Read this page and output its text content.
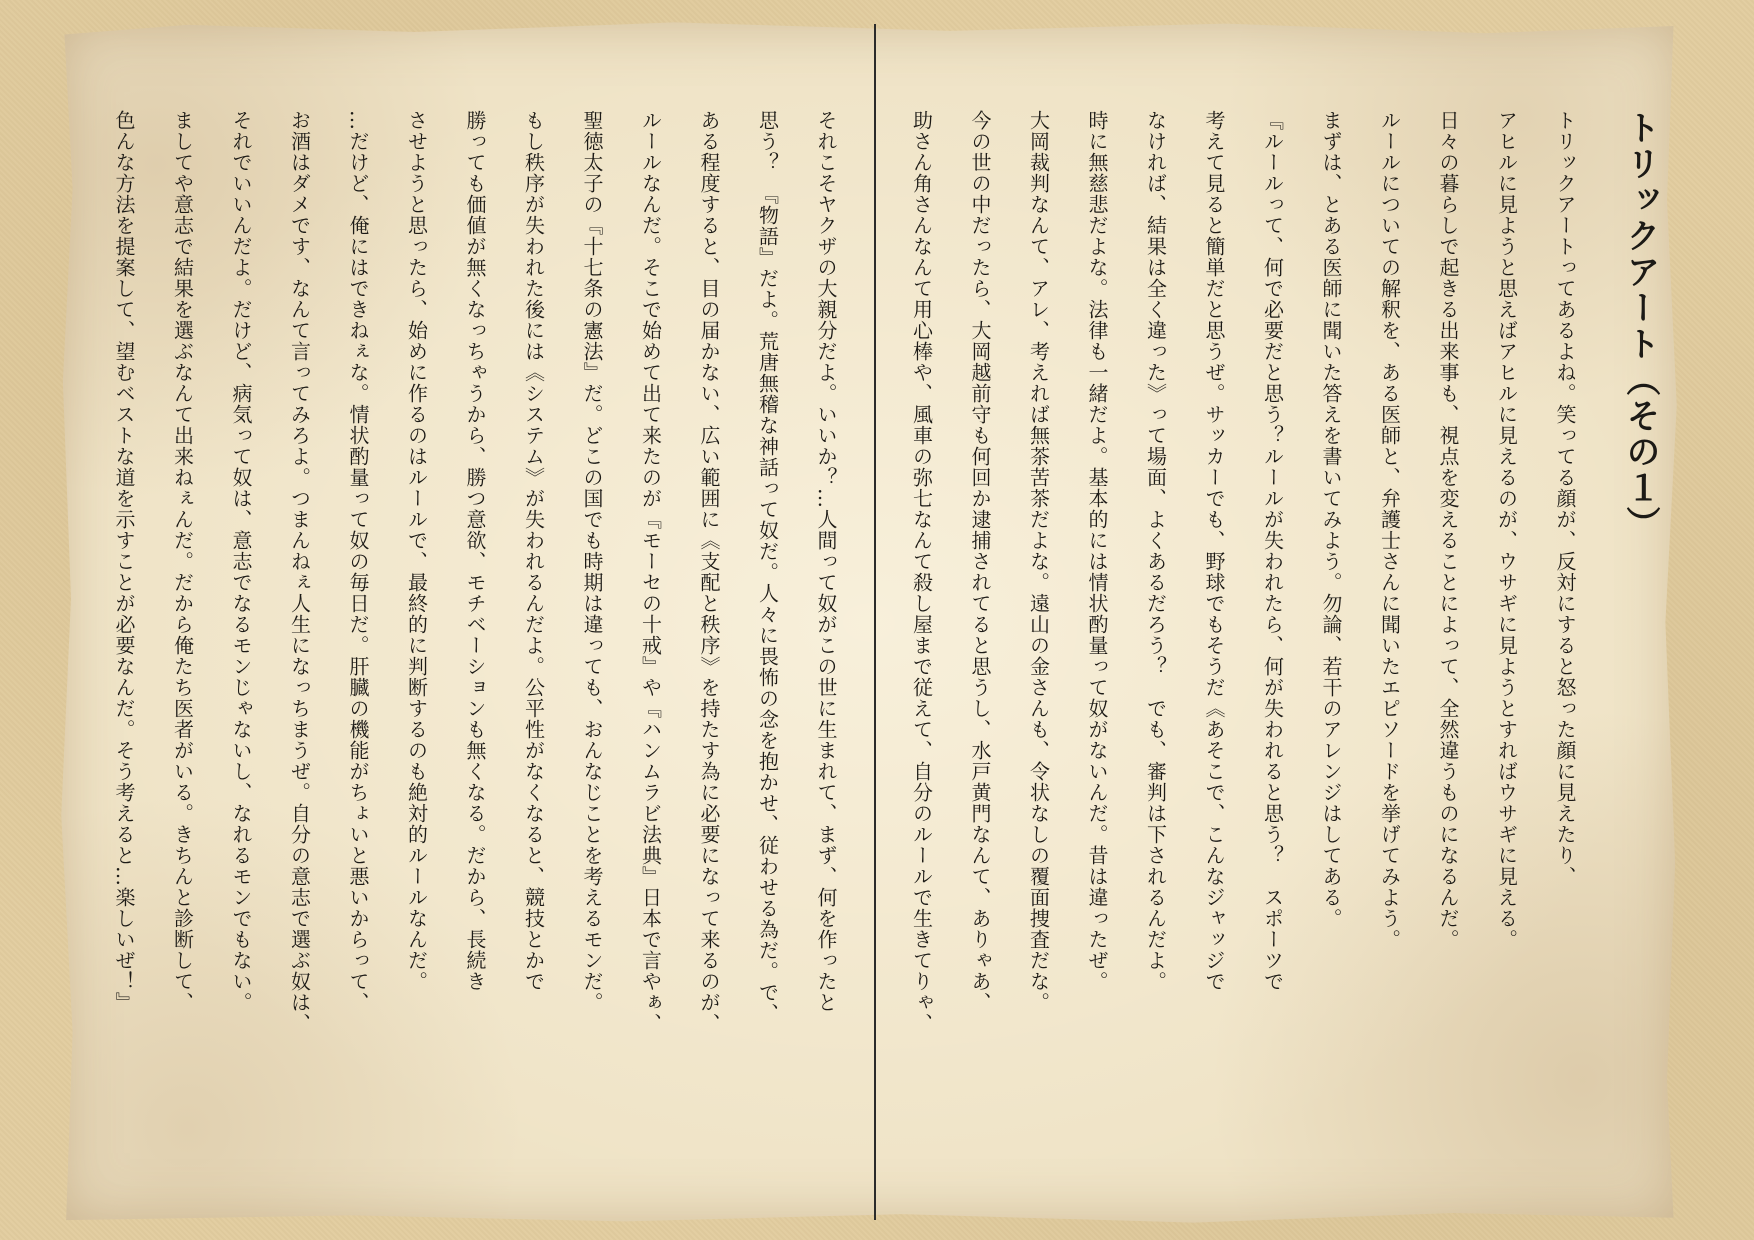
トリックアート（その１）

トリックアートってあるよね。笑ってる顔が、反対にすると怒った顔に見えたり、

アヒルに見ようと思えばアヒルに見えるのが、ウサギに見ようとすればウサギに見える。

日々の暮らしで起きる出来事も、視点を変えることによって、全然違うものになるんだ。

ルールについての解釈を、ある医師と、弁護士さんに聞いたエピソードを挙げてみよう。

まずは、とある医師に聞いた答えを書いてみよう。勿論、若干のアレンジはしてある。

『ルールって、何で必要だと思う？ルールが失われたら、何が失われると思う？　スポーツで

考えて見ると簡単だと思うぜ。サッカーでも、野球でもそうだ《あそこで、こんなジャッジで

なければ、結果は全く違った》って場面、よくあるだろう？　でも、審判は下されるんだよ。

時に無慈悲だよな。法律も一緒だよ。基本的には情状酌量って奴がないんだ。昔は違ったぜ。

大岡裁判なんて、アレ、考えれば無茶苦茶だよな。遠山の金さんも、令状なしの覆面捜査だな。

今の世の中だったら、大岡越前守も何回か逮捕されてると思うし、水戸黄門なんて、ありゃあ、

助さん角さんなんて用心棒や、風車の弥七なんて殺し屋まで従えて、自分のルールで生きてりゃ、

それこそヤクザの大親分だよ。いいか？…人間って奴がこの世に生まれて、まず、何を作ったと

思う？　『物語』だよ。荒唐無稽な神話って奴だ。人々に畏怖の念を抱かせ、従わせる為だ。で、

ある程度すると、目の届かない、広い範囲に《支配と秩序》を持たす為に必要になって来るのが、

ルールなんだ。そこで始めて出て来たのが『モーセの十戒』や『ハンムラビ法典』日本で言やぁ、

聖徳太子の『十七条の憲法』だ。どこの国でも時期は違っても、おんなじことを考えるモンだ。

もし秩序が失われた後には《システム》が失われるんだよ。公平性がなくなると、競技とかで

勝っても価値が無くなっちゃうから、勝つ意欲、モチベーションも無くなる。だから、長続き

させようと思ったら、始めに作るのはルールで、最終的に判断するのも絶対的ルールなんだ。

…だけど、俺にはできねぇな。情状酌量って奴の毎日だ。肝臓の機能がちょいと悪いからって、

お酒はダメです、なんて言ってみろよ。つまんねぇ人生になっちまうぜ。自分の意志で選ぶ奴は、

それでいいんだよ。だけど、病気って奴は、意志でなるモンじゃないし、なれるモンでもない。

ましてや意志で結果を選ぶなんて出来ねぇんだ。だから俺たち医者がいる。きちんと診断して、

色んな方法を提案して、望むベストな道を示すことが必要なんだ。そう考えると…楽しいぜ！』
